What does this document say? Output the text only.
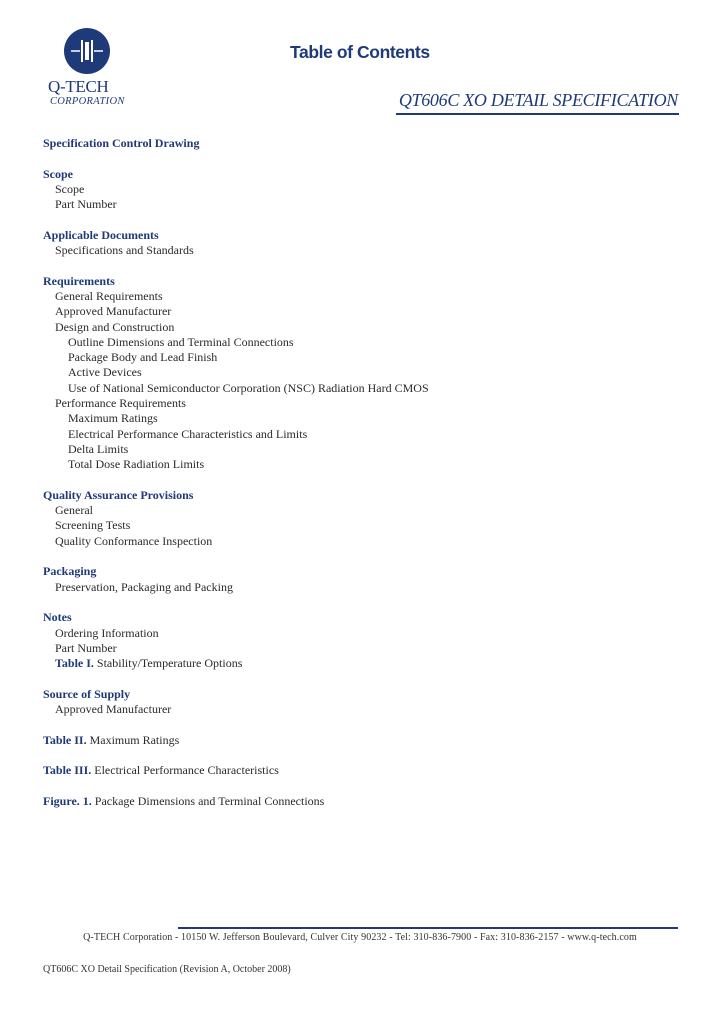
Q-TECH
CORPORATION
Table of Contents
QT606C XO DETAIL SPECIFICATION
Specification Control Drawing
Scope
Scope
Part Number
Applicable Documents
Specifications and Standards
Requirements
General Requirements
Approved Manufacturer
Design and Construction
Outline Dimensions and Terminal Connections
Package Body and Lead Finish
Active Devices
Use of National Semiconductor Corporation (NSC) Radiation Hard CMOS
Performance Requirements
Maximum Ratings
Electrical Performance Characteristics and Limits
Delta Limits
Total Dose Radiation Limits
Quality Assurance Provisions
General
Screening Tests
Quality Conformance Inspection
Packaging
Preservation, Packaging and Packing
Notes
Ordering Information
Part Number
Table I. Stability/Temperature Options
Source of Supply
Approved Manufacturer
Table II. Maximum Ratings
Table III. Electrical Performance Characteristics
Figure. 1. Package Dimensions and Terminal Connections
Q-TECH Corporation - 10150 W. Jefferson Boulevard, Culver City 90232 - Tel: 310-836-7900 - Fax: 310-836-2157 - www.q-tech.com
QT606C XO Detail Specification (Revision A, October 2008)
